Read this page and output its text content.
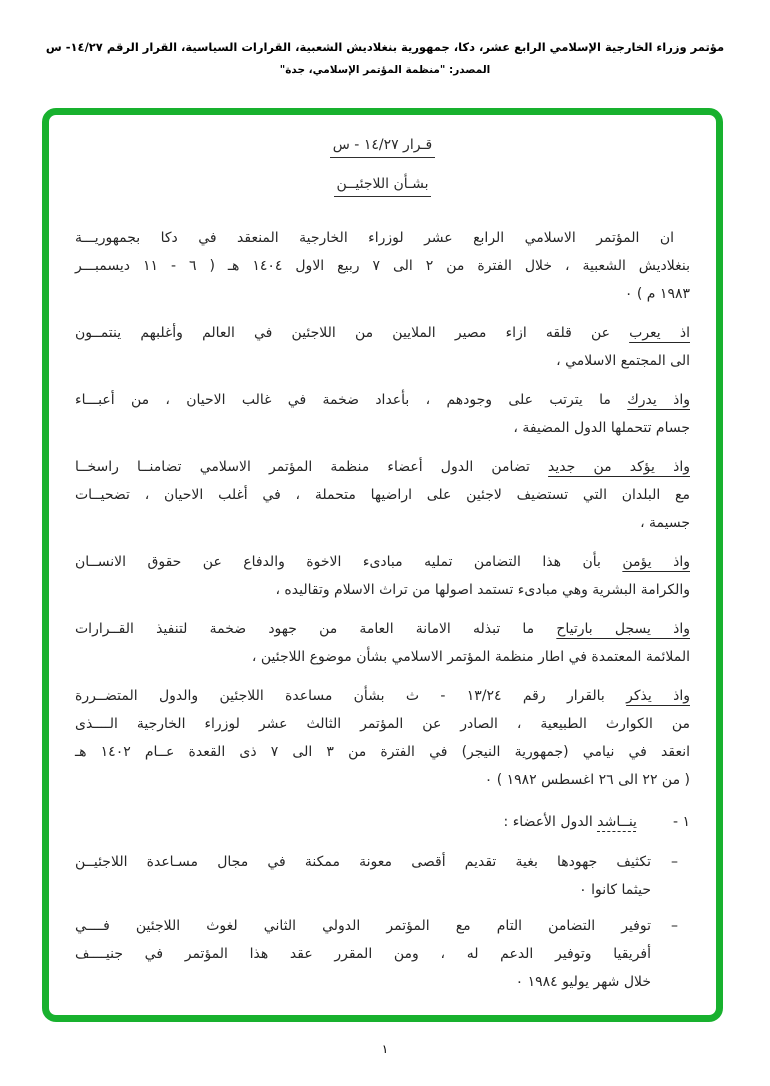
مؤتمر وزراء الخارجية الإسلامي الرابع عشر، دكا، جمهورية بنغلاديش الشعبية، القرارات السياسية، القرار الرقم ١٤/٢٧- س
المصدر: "منظمة المؤتمر الإسلامي، جدة"
قـرار ١٤/٢٧ - س
بشـأن اللاجئيــن
ان المؤتمر الاسلامي الرابع عشر لوزراء الخارجية المنعقد في دكا بجمهوريـــة
بنغلاديش الشعبية ، خلال الفترة من ٢ الى ٧ ربيع الاول ١٤٠٤ هـ ( ٦ - ١١ ديسمبـــر
١٩٨٣ م ) ٠
اذ يعرب عن قلقه ازاء مصير الملايين من اللاجئين في العالم وأغلبهم ينتمــون
الى المجتمع الاسلامي ،
واذ يدرك ما يترتب على وجودهم ، بأعداد ضخمة في غالب الاحيان ، من أعبـــاء
جسام تتحملها الدول المضيفة ،
واذ يؤكد من جديد تضامن الدول أعضاء منظمة المؤتمر الاسلامي تضامنــا راسخــا
مع البلدان التي تستضيف لاجئين على اراضيها متحملة ، في أغلب الاحيان ، تضحيــات
جسيمة ،
واذ يؤمن بأن هذا التضامن تمليه مبادىء الاخوة والدفاع عن حقوق الانســان
والكرامة البشرية وهي مبادىء تستمد اصولها من تراث الاسلام وتقاليده ،
واذ يسجل بارتياح ما تبذله الامانة العامة من جهود ضخمة لتنفيذ القــرارات
الملائمة المعتمدة في اطار منظمة المؤتمر الاسلامي بشأن موضوع اللاجئين ،
واذ يذكر بالقرار رقم ١٣/٢٤ - ث بشأن مساعدة اللاجئين والدول المتضــررة
من الكوارث الطبيعية ، الصادر عن المؤتمر الثالث عشر لوزراء الخارجية الــــذى
انعقد في نيامي (جمهورية النيجر) في الفترة من ٣ الى ٧ ذى القعدة عــام ١٤٠٢ هـ
( من ٢٢ الى ٢٦ اغسطس ١٩٨٢ ) ٠
١ -ينــاشد الدول الأعضاء :
–
تكثيف جهودها بغية تقديم أقصى معونة ممكنة في مجال مسـاعدة اللاجئيــن
حيثما كانوا ٠
–
توفير التضامن التام مع المؤتمر الدولي الثاني لغوث اللاجئين فــــي
أفريقيا وتوفير الدعم له ، ومن المقرر عقد هذا المؤتمر في جنيــــف
خلال شهر يوليو ١٩٨٤ ٠
١
